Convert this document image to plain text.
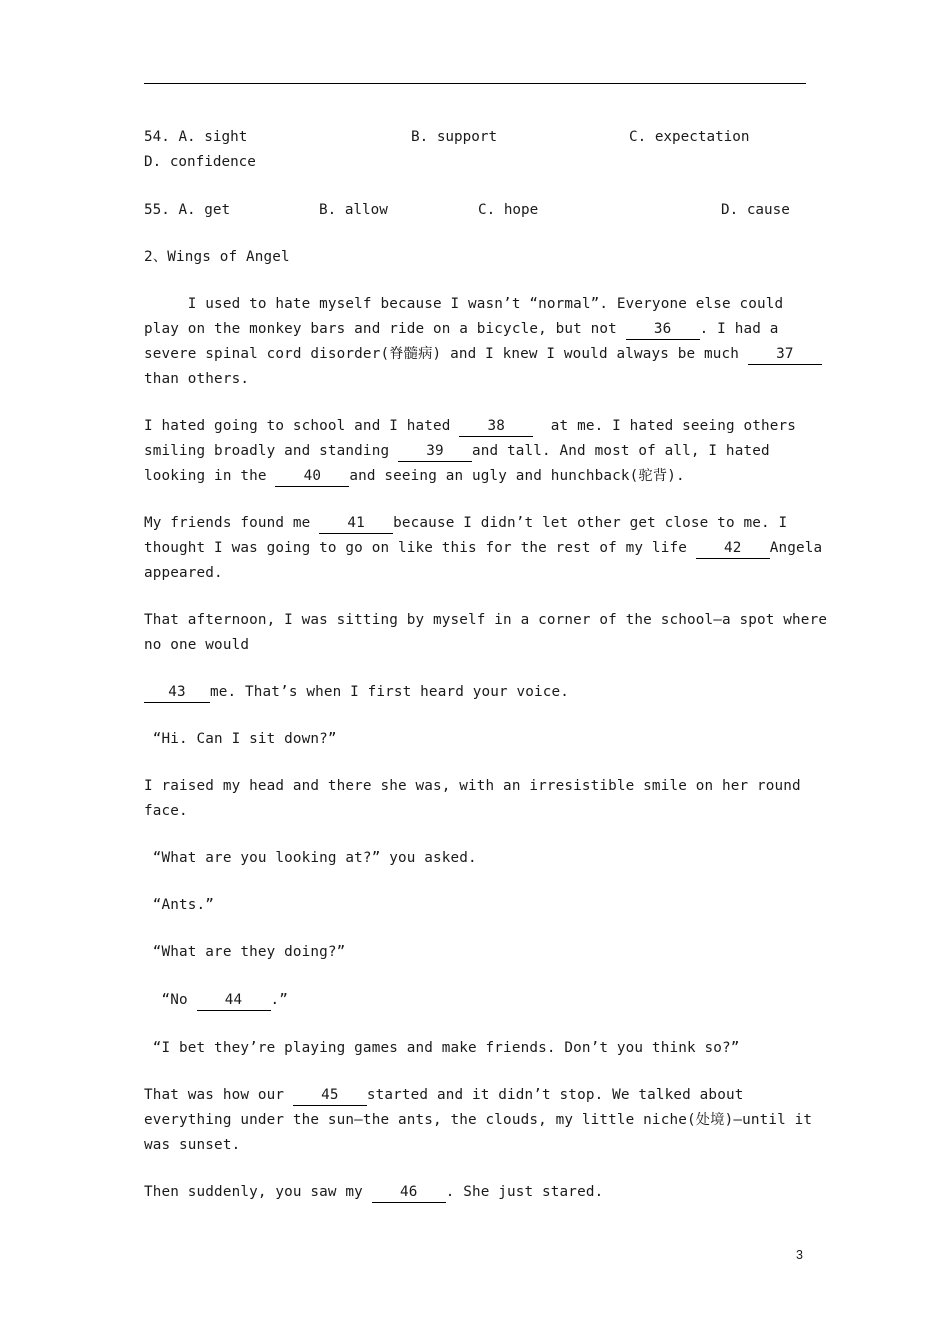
54. A. sight	B. support	C. expectation
D. confidence
55. A. get	B. allow	C. hope	D. cause
2、Wings of Angel
I used to hate myself because I wasn’t “normal”. Everyone else could
play on the monkey bars and ride on a bicycle, but not 36 . I had a
severe spinal cord disorder(脊髓病) and I knew I would always be much 37
than others.
I hated going to school and I hated 38  at me. I hated seeing others
smiling broadly and standing 39 and tall. And most of all, I hated
looking in the 40 and seeing an ugly and hunchback(驼背).
My friends found me 41 because I didn’t let other get close to me. I
thought I was going to go on like this for the rest of my life 42 Angela
appeared.
That afternoon, I was sitting by myself in a corner of the school—a spot where
no one would
43 me. That’s when I first heard your voice.
“Hi. Can I sit down?”
I raised my head and there she was, with an irresistible smile on her round
face.
“What are you looking at?” you asked.
“Ants.”
“What are they doing?”
“No 44 .”
“I bet they’re playing games and make friends. Don’t you think so?”
That was how our 45 started and it didn’t stop. We talked about
everything under the sun—the ants, the clouds, my little niche(处境)—until it
was sunset.
Then suddenly, you saw my 46 . She just stared.
3
